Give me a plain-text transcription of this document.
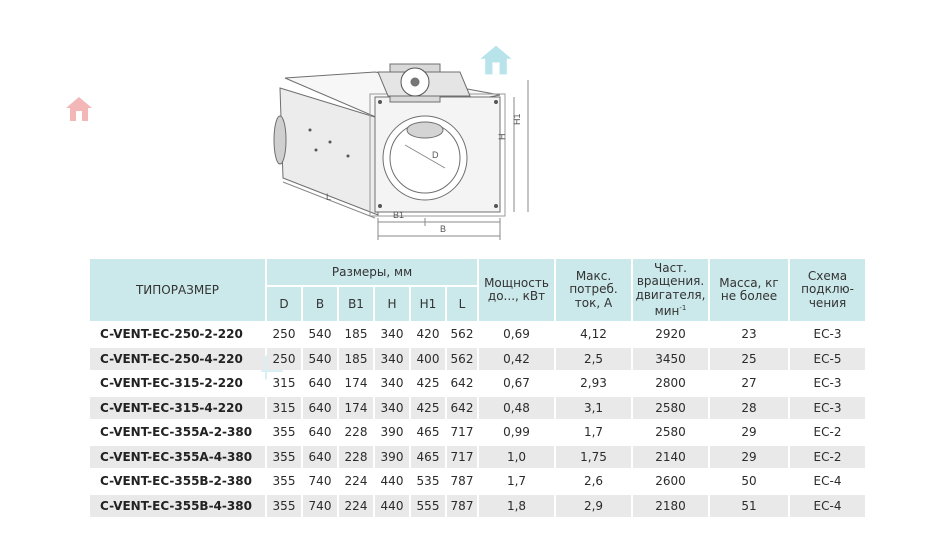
L
B1
B
H
H1
D
ТИПОРАЗМЕР	Размеры, мм						Мощность до..., кВт	Макс. потреб. ток, А	Част. вращения. двигателя, мин$^{-1}$	Масса, кг не более	Схема подклю-чения
	D	B	B1	H	H1	L					
C-VENT-EC-250-2-220	250	540	185	340	420	562	0,69	4,12	2920	23	EC-3
C-VENT-EC-250-4-220	250	540	185	340	400	562	0,42	2,5	3450	25	EC-5
C-VENT-EC-315-2-220	315	640	174	340	425	642	0,67	2,93	2800	27	EC-3
C-VENT-EC-315-4-220	315	640	174	340	425	642	0,48	3,1	2580	28	EC-3
C-VENT-EC-355A-2-380	355	640	228	390	465	717	0,99	1,7	2580	29	EC-2
C-VENT-EC-355A-4-380	355	640	228	390	465	717	1,0	1,75	2140	29	EC-2
C-VENT-EC-355B-2-380	355	740	224	440	535	787	1,7	2,6	2600	50	EC-4
C-VENT-EC-355B-4-380	355	740	224	440	555	787	1,8	2,9	2180	51	EC-4
